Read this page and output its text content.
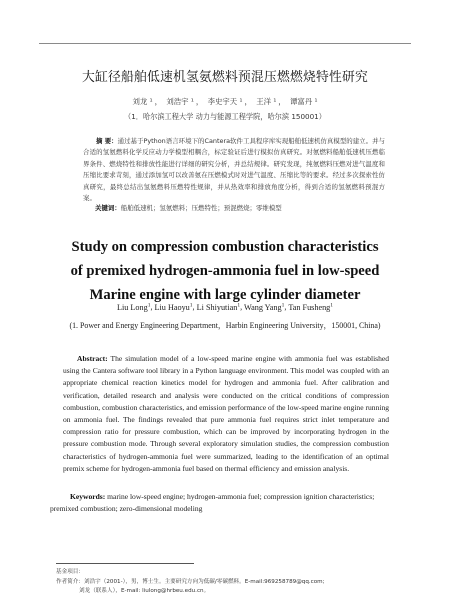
大缸径船舶低速机氢氨燃料预混压燃燃烧特性研究
刘龙 ¹ ， 刘浩宇 ¹ ， 李史宇天 ¹ ， 王洋 ¹ ， 谭富丹 ¹
（1．哈尔滨工程大学 动力与能源工程学院，哈尔滨 150001）
摘 要：通过基于Python语言环境下的Cantera软件工具程序库实现船舶低速机仿真模型的建立。并与合适的氢氨燃料化学反应动力学模型相耦合，标定验证后进行模拟仿真研究。对氨燃料船舶低速机压燃临界条件、燃烧特性和排放性能进行详细的研究分析，并总结规律。研究发现，纯氨燃料压燃对进气温度和压缩比要求苛刻，通过添加氢可以改善氨在压燃模式时对进气温度、压缩比等的要求。经过多次探索性仿真研究，最终总结出氢氨燃料压燃特性规律，并从热效率和排放角度分析，得到合适的氢氨燃料预混方案。
关键词：船舶低速机；氢氨燃料；压燃特性；预混燃烧；零维模型
Study on compression combustion characteristics
of premixed hydrogen-ammonia fuel in low-speed
Marine engine with large cylinder diameter
Liu Long$^1$, Liu Haoyu$^1$, Li Shiyutian$^1$, Wang Yang$^1$, Tan Fusheng$^1$
(1. Power and Energy Engineering Department，Harbin Engineering University，150001, China)
Abstract: The simulation model of a low-speed marine engine with ammonia fuel was established using the Cantera software tool library in a Python language environment. This model was coupled with an appropriate chemical reaction kinetics model for hydrogen and ammonia fuel. After calibration and verification, detailed research and analysis were conducted on the critical conditions of compression combustion, combustion characteristics, and emission performance of the low-speed marine engine running on ammonia fuel. The findings revealed that pure ammonia fuel requires strict inlet temperature and compression ratio for pressure combustion, which can be improved by incorporating hydrogen in the pressure combustion mode. Through several exploratory simulation studies, the compression combustion characteristics of hydrogen-ammonia fuel were summarized, leading to the identification of an optimal premix scheme for hydrogen-ammonia fuel based on thermal efficiency and emission analysis.
Keywords: marine low-speed engine; hydrogen-ammonia fuel; compression ignition characteristics; premixed combustion; zero-dimensional modeling
基金项目：
作者简介：刘浩宇（2001-），男，博士生。主要研究方向为低碳/零碳燃料。E-mail:969258789@qq.com;
刘龙（联系人），E-mail: liulong@hrbeu.edu.cn。
